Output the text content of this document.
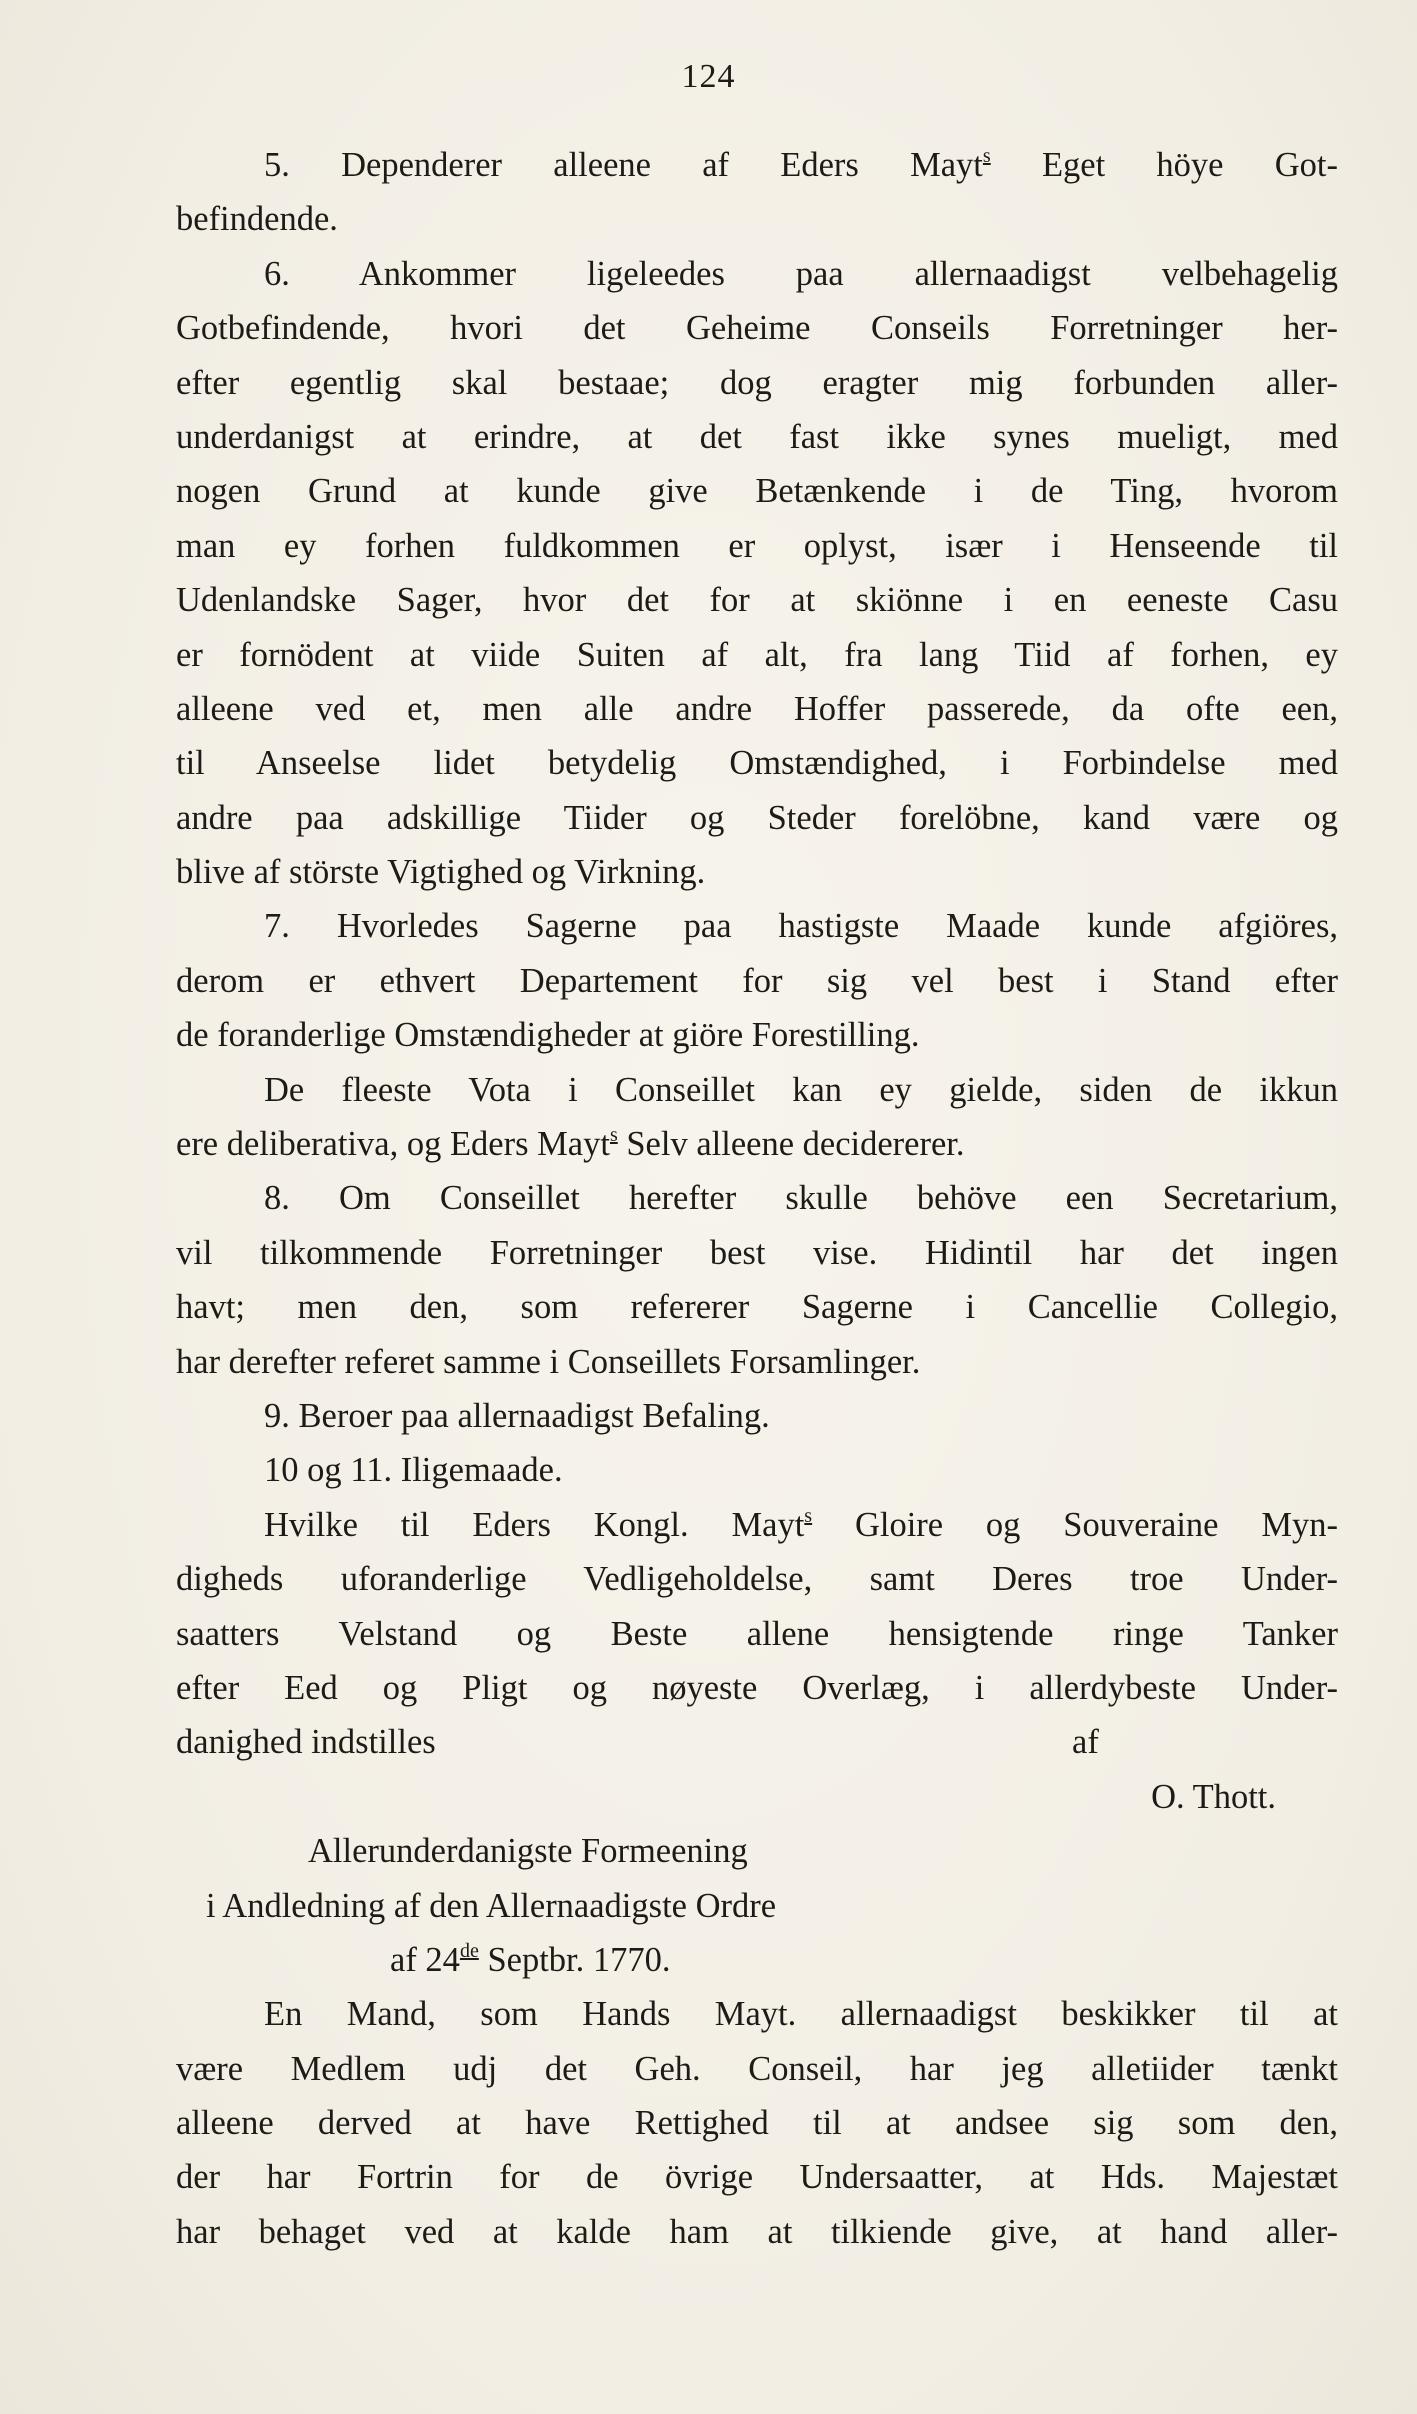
124
5. Dependerer alleene af Eders Mayt$^s$ Eget höye Got-
befindende.
6. Ankommer ligeleedes paa allernaadigst velbehagelig
Gotbefindende, hvori det Geheime Conseils Forretninger her-
efter egentlig skal bestaae; dog eragter mig forbunden aller-
underdanigst at erindre, at det fast ikke synes mueligt, med
nogen Grund at kunde give Betænkende i de Ting, hvorom
man ey forhen fuldkommen er oplyst, især i Henseende til
Udenlandske Sager, hvor det for at skiönne i en eeneste Casu
er fornödent at viide Suiten af alt, fra lang Tiid af forhen, ey
alleene ved et, men alle andre Hoffer passerede, da ofte een,
til Anseelse lidet betydelig Omstændighed, i Forbindelse med
andre paa adskillige Tiider og Steder forelöbne, kand være og
blive af störste Vigtighed og Virkning.
7. Hvorledes Sagerne paa hastigste Maade kunde afgiöres,
derom er ethvert Departement for sig vel best i Stand efter
de foranderlige Omstændigheder at giöre Forestilling.
De fleeste Vota i Conseillet kan ey gielde, siden de ikkun
ere deliberativa, og Eders Mayt$^s$ Selv alleene decidererer.
8. Om Conseillet herefter skulle behöve een Secretarium,
vil tilkommende Forretninger best vise. Hidintil har det ingen
havt; men den, som refererer Sagerne i Cancellie Collegio,
har derefter referet samme i Conseillets Forsamlinger.
9. Beroer paa allernaadigst Befaling.
10 og 11. Iligemaade.
Hvilke til Eders Kongl. Mayt$^s$ Gloire og Souveraine Myn-
digheds uforanderlige Vedligeholdelse, samt Deres troe Under-
saatters Velstand og Beste allene hensigtende ringe Tanker
efter Eed og Pligt og nøyeste Overlæg, i allerdybeste Under-
danighed indstilles	af
O. Thott.
Allerunderdanigste Formeening
i Andledning af den Allernaadigste Ordre
af 24de Septbr. 1770.
En Mand, som Hands Mayt. allernaadigst beskikker til at
være Medlem udj det Geh. Conseil, har jeg alletiider tænkt
alleene derved at have Rettighed til at andsee sig som den,
der har Fortrin for de övrige Undersaatter, at Hds. Majestæt
har behaget ved at kalde ham at tilkiende give, at hand aller-
